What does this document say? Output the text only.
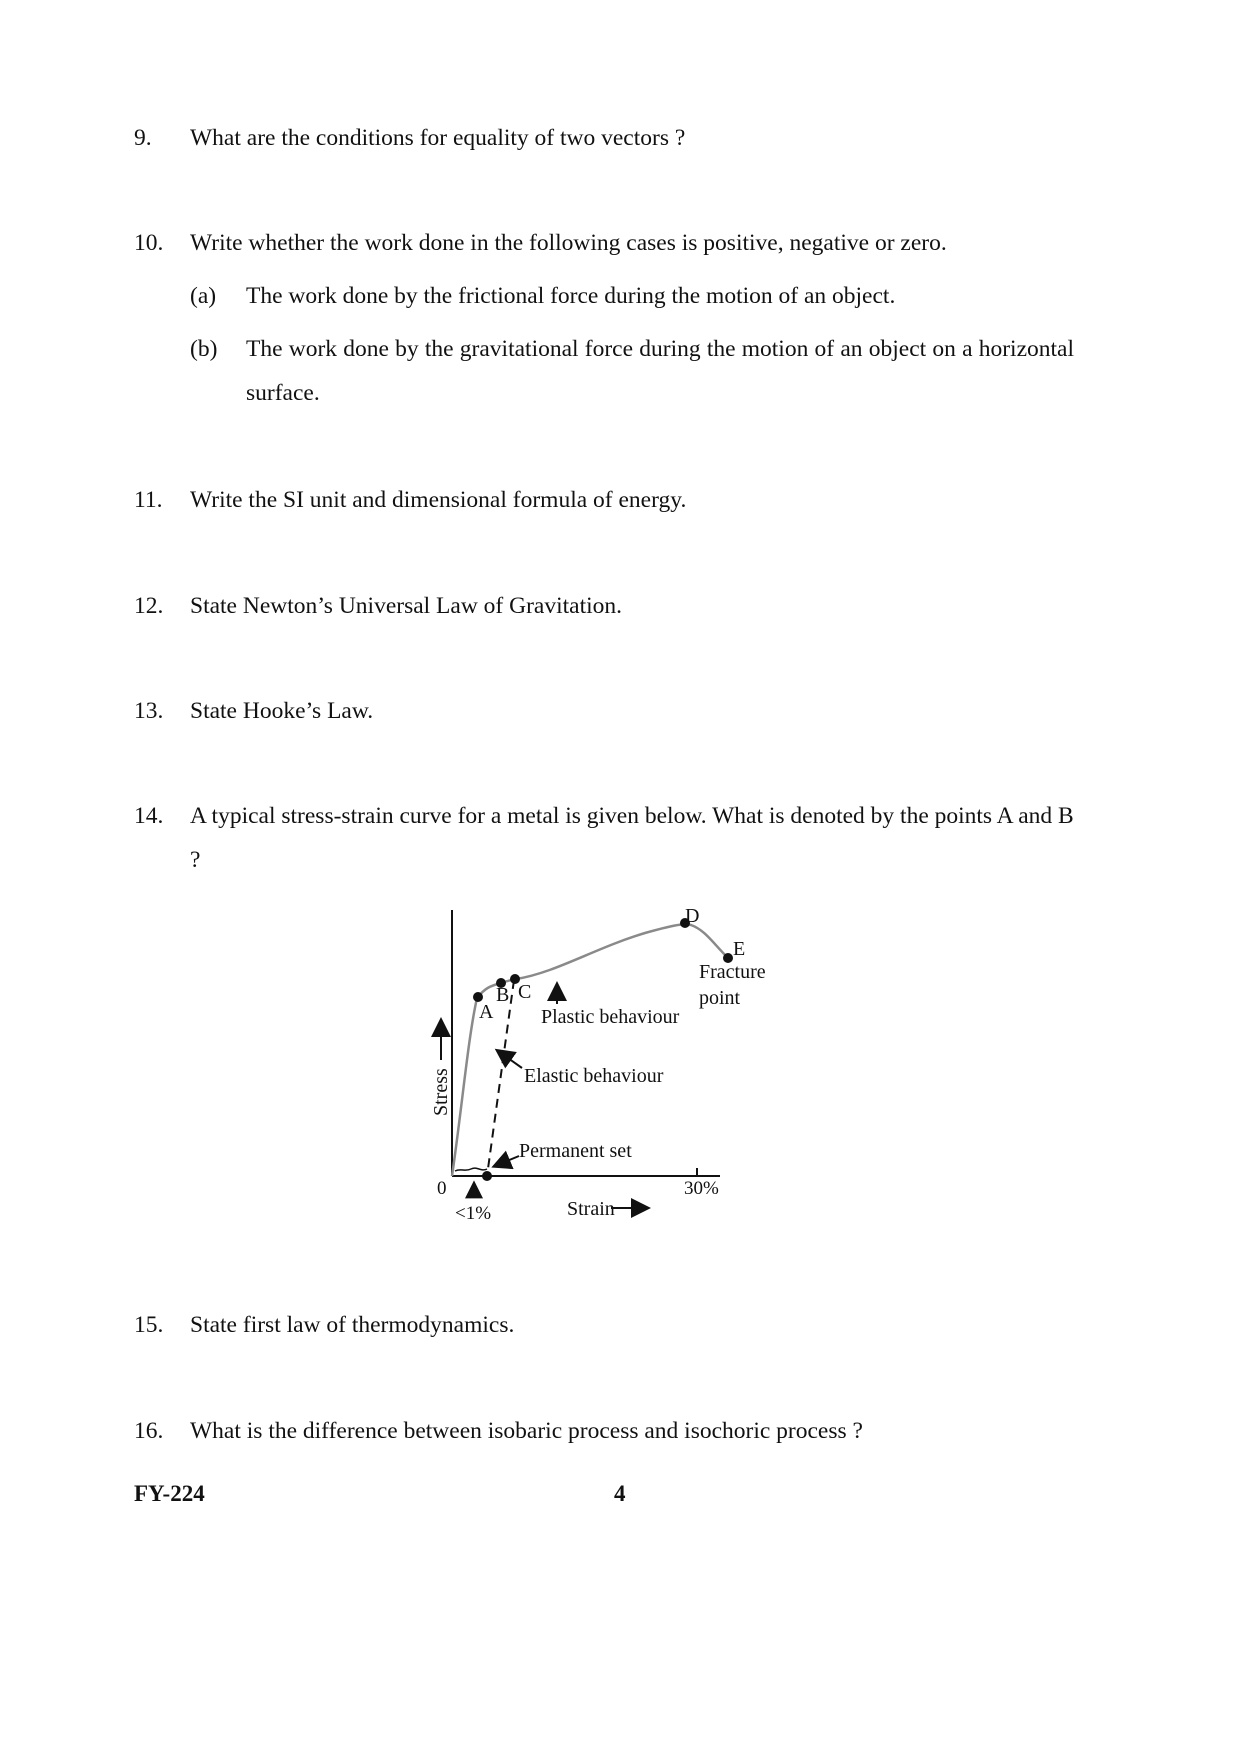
9. What are the conditions for equality of two vectors ?
10. Write whether the work done in the following cases is positive, negative or zero.
(a) The work done by the frictional force during the motion of an object.
(b) The work done by the gravitational force during the motion of an object on a horizontal surface.
11. Write the SI unit and dimensional formula of energy.
12. State Newton’s Universal Law of Gravitation.
13. State Hooke’s Law.
14. A typical stress-strain curve for a metal is given below. What is denoted by the points A and B ?
A
B C
D
E
Fracture
point
Plastic behaviour
Elastic behaviour
Permanent set
0
<1%
30%
Strain
Stress
15. State first law of thermodynamics.
16. What is the difference between isobaric process and isochoric process ?
FY-224	4
